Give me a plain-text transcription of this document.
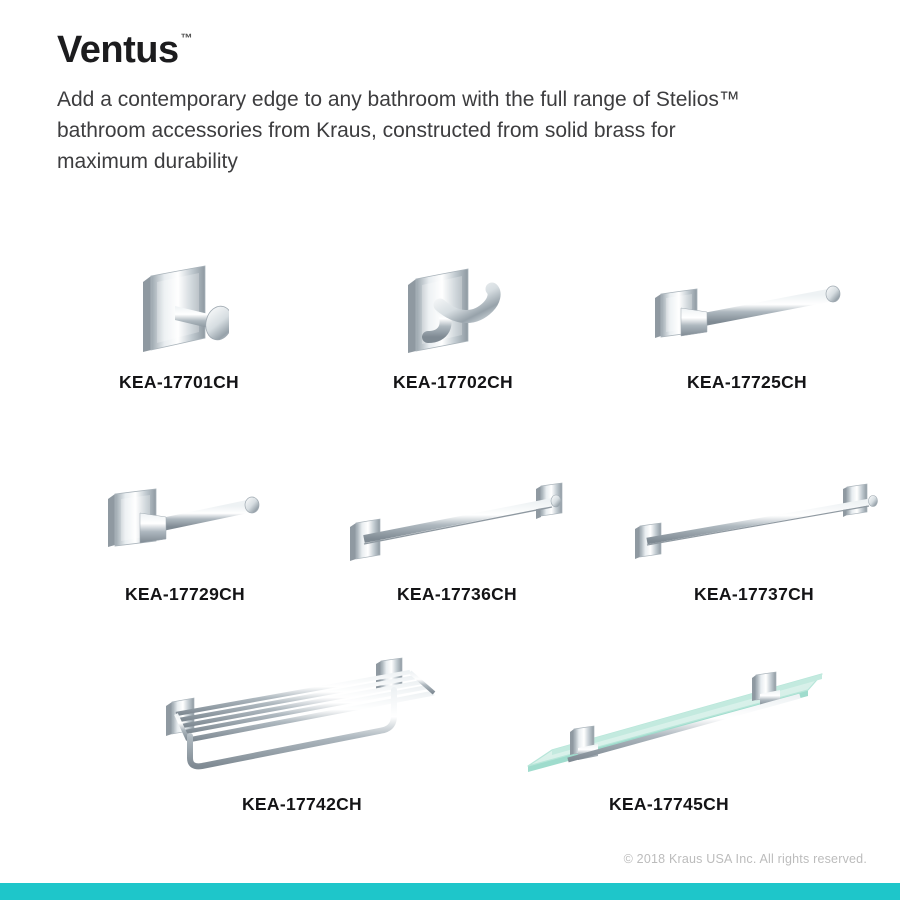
Ventus ™
Add a contemporary edge to any bathroom with the full range of Stelios™
bathroom accessories from Kraus, constructed from solid brass for
maximum durability
KEA-17701CH	KEA-17702CH	KEA-17725CH
KEA-17729CH	KEA-17736CH	KEA-17737CH
KEA-17742CH	KEA-17745CH
© 2018 Kraus USA Inc. All rights reserved.
